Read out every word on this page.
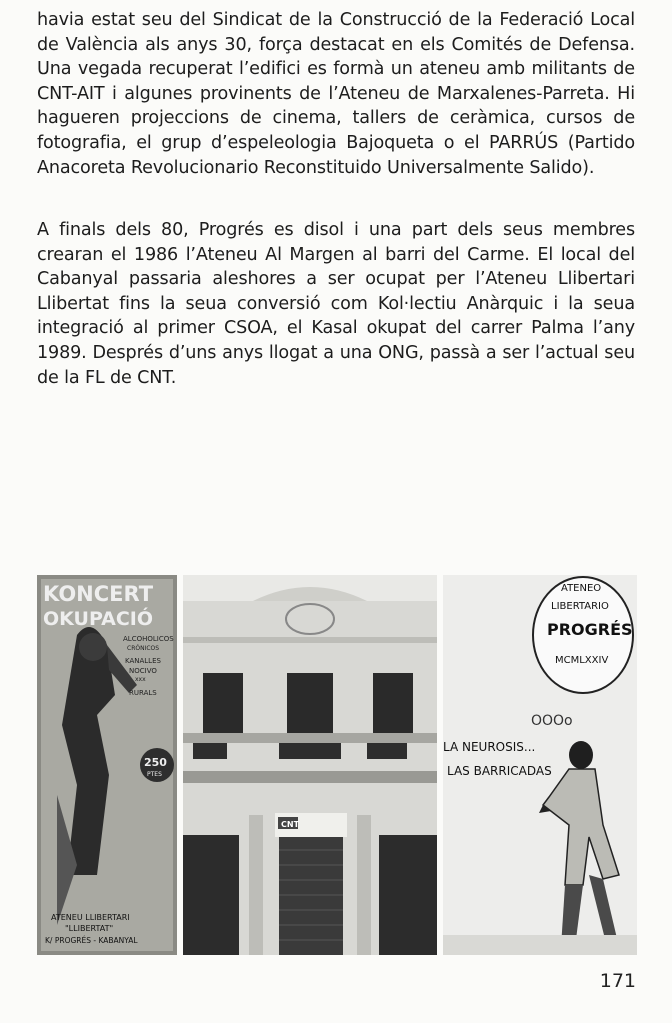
havia estat seu del Sindicat de la Construcció de la Federació Local de València als anys 30, força destacat en els Comités de Defensa. Una vegada recuperat l’edifici es formà un ateneu amb militants de CNT-AIT i algunes provinents de l’Ateneu de Marxalenes-Parreta. Hi hagueren projeccions de cinema, tallers de ceràmica, cursos de fotografia, el grup d’espeleologia Bajoqueta o el PARRÚS (Partido Anacoreta Revolucionario Reconstituido Universalmente Salido).

A finals dels 80, Progrés es disol i una part dels seus membres crearan el 1986 l’Ateneu Al Margen al barri del Carme. El local del Cabanyal passaria aleshores a ser ocupat per l’Ateneu Llibertari Llibertat fins la seua conversió com Kol·lectiu Anàrquic i la seua integració al primer CSOA, el Kasal okupat del carrer Palma l’any 1989. Després d’uns anys llogat a una ONG, passà a ser l’actual seu de la FL de CNT.

KONCERT
OKUPACIÓ
ALCOHOLICOS
CRÓNICOS
KANALLES
NOCIVO
xxx
RURALS
250
PTES
ATENEU LLIBERTARI
"LLIBERTAT"
K/ PROGRÉS - KABANYAL
CNT
ATENEO
LIBERTARIO
PROGRÉS
MCMLXXIV
OOOo
LA NEUROSIS...
LAS BARRICADAS
171
